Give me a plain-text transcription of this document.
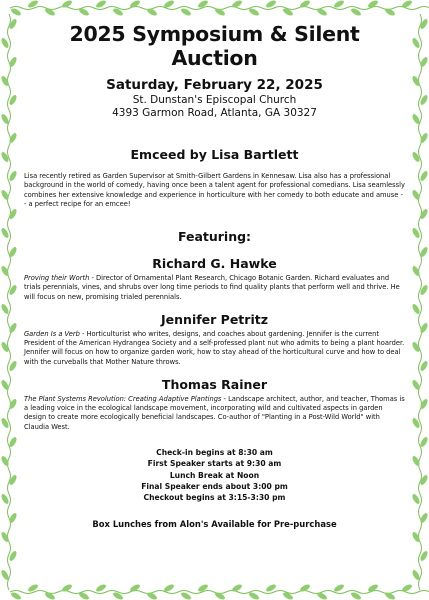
2025 Symposium & Silent Auction
Saturday, February 22, 2025
St. Dunstan's Episcopal Church
4393 Garmon Road, Atlanta, GA 30327
Emceed by Lisa Bartlett

Lisa recently retired as Garden Supervisor at Smith-Gilbert Gardens in Kennesaw. Lisa also has a professional background in the world of comedy, having once been a talent agent for professional comedians. Lisa seamlessly combines her extensive knowledge and experience in horticulture with her comedy to both educate and amuse -- a perfect recipe for an emcee!

Featuring:
Richard G. Hawke

Proving their Worth - Director of Ornamental Plant Research, Chicago Botanic Garden. Richard evaluates and trials perennials, vines, and shrubs over long time periods to find quality plants that perform well and thrive. He will focus on new, promising trialed perennials.

Jennifer Petritz

Garden Is a Verb - Horticulturist who writes, designs, and coaches about gardening. Jennifer is the current President of the American Hydrangea Society and a self-professed plant nut who admits to being a plant hoarder. Jennifer will focus on how to organize garden work, how to stay ahead of the horticultural curve and how to deal with the curveballs that Mother Nature throws.

Thomas Rainer

The Plant Systems Revolution: Creating Adaptive Plantings - Landscape architect, author, and teacher, Thomas is a leading voice in the ecological landscape movement, incorporating wild and cultivated aspects in garden design to create more ecologically beneficial landscapes. Co-author of "Planting in a Post-Wild World" with Claudia West.

Check-in begins at 8:30 am
First Speaker starts at 9:30 am
Lunch Break at Noon
Final Speaker ends about 3:00 pm
Checkout begins at 3:15-3:30 pm
Box Lunches from Alon's Available for Pre-purchase
